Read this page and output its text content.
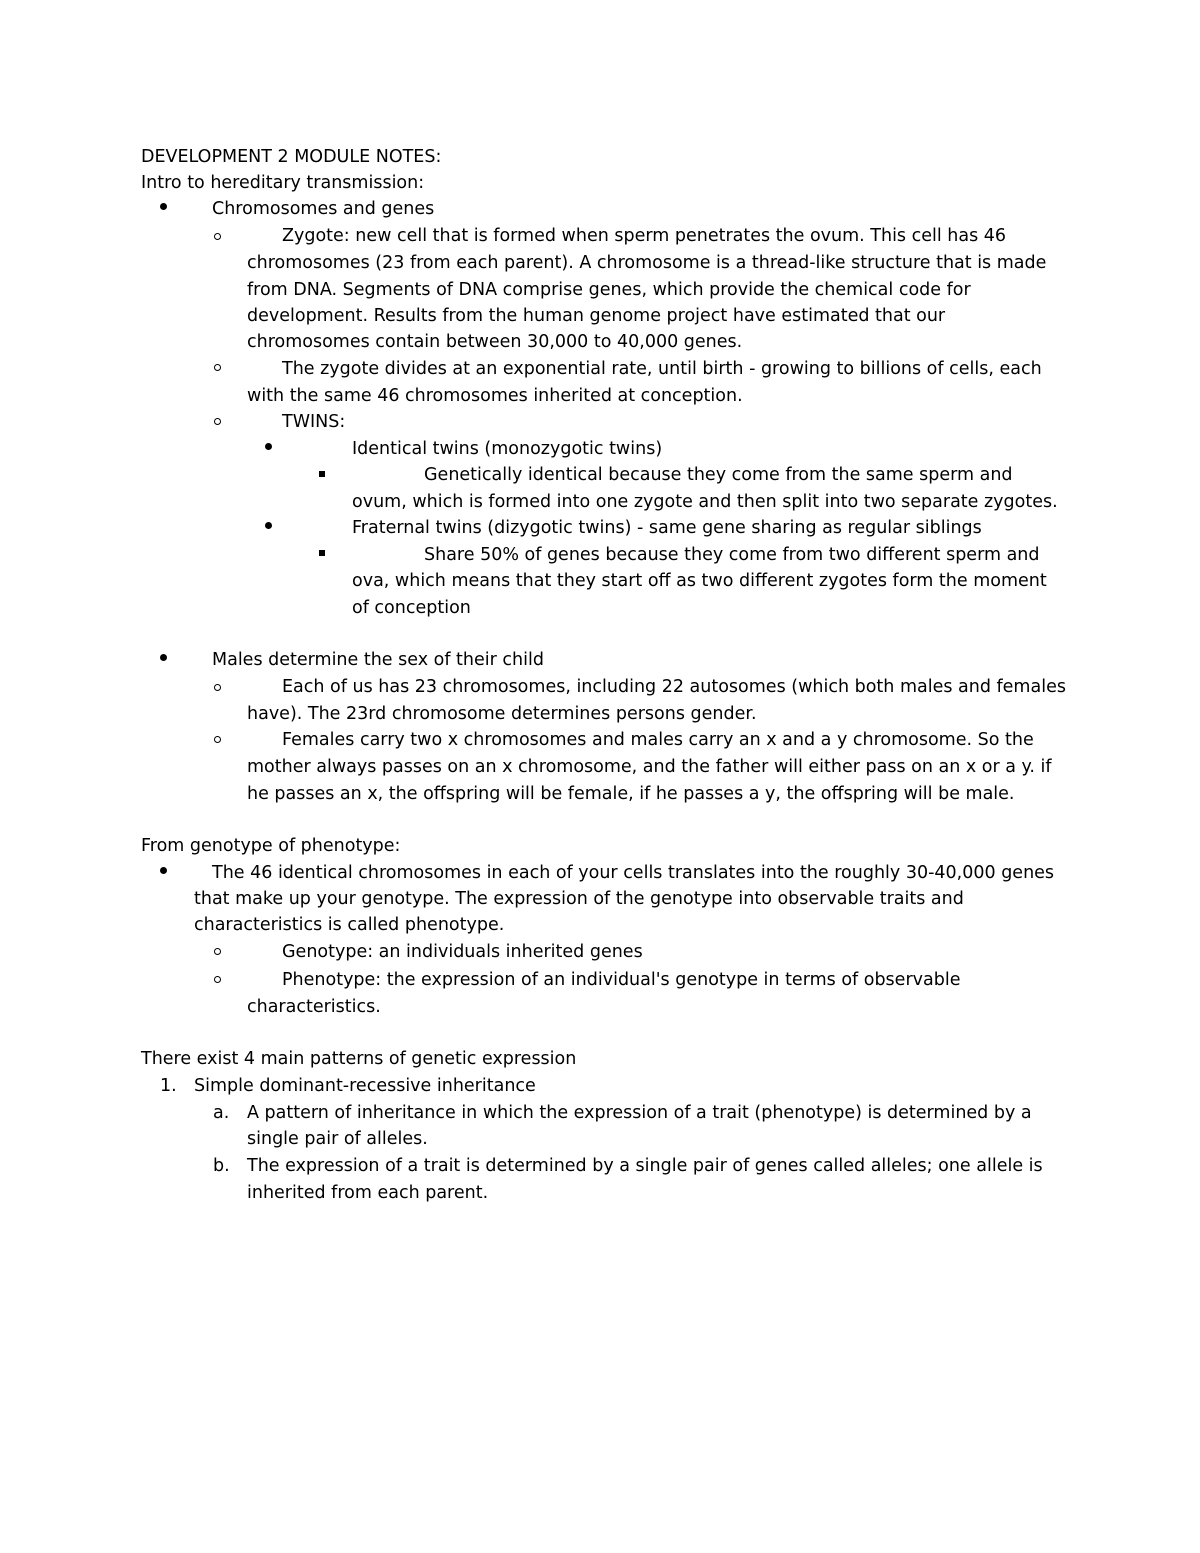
DEVELOPMENT 2 MODULE NOTES:
Intro to hereditary transmission:
Chromosomes and genes
Zygote: new cell that is formed when sperm penetrates the ovum. This cell has 46
chromosomes (23 from each parent). A chromosome is a thread-like structure that is made
from DNA. Segments of DNA comprise genes, which provide the chemical code for
development. Results from the human genome project have estimated that our
chromosomes contain between 30,000 to 40,000 genes.
The zygote divides at an exponential rate, until birth - growing to billions of cells, each
with the same 46 chromosomes inherited at conception.
TWINS:
Identical twins (monozygotic twins)
Genetically identical because they come from the same sperm and
ovum, which is formed into one zygote and then split into two separate zygotes.
Fraternal twins (dizygotic twins) - same gene sharing as regular siblings
Share 50% of genes because they come from two different sperm and
ova, which means that they start off as two different zygotes form the moment
of conception
Males determine the sex of their child
Each of us has 23 chromosomes, including 22 autosomes (which both males and females
have). The 23rd chromosome determines persons gender.
Females carry two x chromosomes and males carry an x and a y chromosome. So the
mother always passes on an x chromosome, and the father will either pass on an x or a y. if
he passes an x, the offspring will be female, if he passes a y, the offspring will be male.
From genotype of phenotype:
The 46 identical chromosomes in each of your cells translates into the roughly 30-40,000 genes
that make up your genotype. The expression of the genotype into observable traits and
characteristics is called phenotype.
Genotype: an individuals inherited genes
Phenotype: the expression of an individual's genotype in terms of observable
characteristics.
There exist 4 main patterns of genetic expression
1. Simple dominant-recessive inheritance
a. A pattern of inheritance in which the expression of a trait (phenotype) is determined by a
single pair of alleles.
b. The expression of a trait is determined by a single pair of genes called alleles; one allele is
inherited from each parent.
